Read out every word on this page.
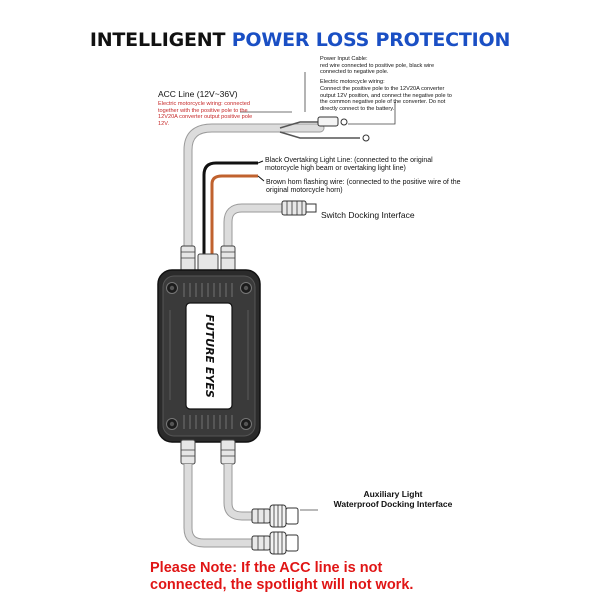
INTELLIGENT POWER LOSS PROTECTION
FUTURE EYES

Power Input Cable:
red wire connected to positive pole, black wire connected to negative pole.

Electric motorcycle wiring:
Connect the positive pole to the 12V20A converter output 12V position, and connect the negative pole to the common negative pole of the converter. Do not directly connect to the battery.

ACC Line (12V~36V)
Electric motorcycle wiring: connected together with the positive pole to the 12V20A converter output positive pole 12V.
Black Overtaking Light Line: (connected to the original motorcycle high beam or overtaking light line)
Brown horn flashing wire: (connected to the positive wire of the original motorcycle horn)
Switch Docking Interface
Auxiliary Light
Waterproof Docking Interface
Please Note: If the ACC line is not connected, the spotlight will not work.
